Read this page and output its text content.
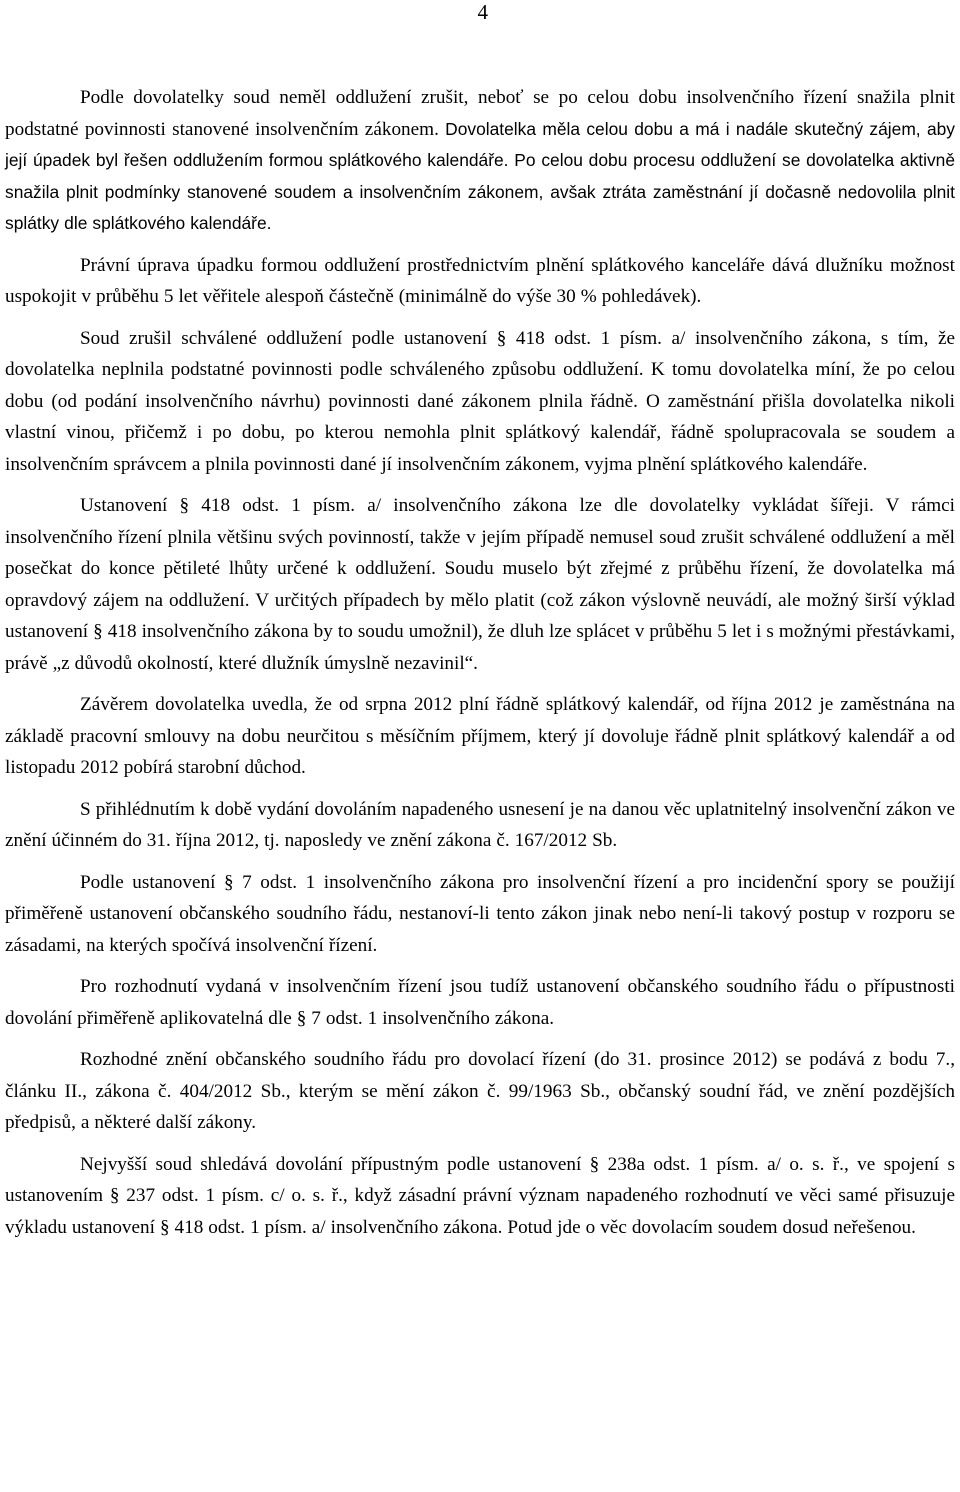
4

Podle dovolatelky soud neměl oddlužení zrušit, neboť se po celou dobu insolvenčního řízení snažila plnit podstatné povinnosti stanovené insolvenčním zákonem. Dovolatelka měla celou dobu a má i nadále skutečný zájem, aby její úpadek byl řešen oddlužením formou splátkového kalendáře. Po celou dobu procesu oddlužení se dovolatelka aktivně snažila plnit podmínky stanovené soudem a insolvenčním zákonem, avšak ztráta zaměstnání jí dočasně nedovolila plnit splátky dle splátkového kalendáře.

Právní úprava úpadku formou oddlužení prostřednictvím plnění splátkového kanceláře dává dlužníku možnost uspokojit v průběhu 5 let věřitele alespoň částečně (minimálně do výše 30 % pohledávek).

Soud zrušil schválené oddlužení podle ustanovení § 418 odst. 1 písm. a/ insolvenčního zákona, s tím, že dovolatelka neplnila podstatné povinnosti podle schváleného způsobu oddlužení. K tomu dovolatelka míní, že po celou dobu (od podání insolvenčního návrhu) povinnosti dané zákonem plnila řádně. O zaměstnání přišla dovolatelka nikoli vlastní vinou, přičemž i po dobu, po kterou nemohla plnit splátkový kalendář, řádně spolupracovala se soudem a insolvenčním správcem a plnila povinnosti dané jí insolvenčním zákonem, vyjma plnění splátkového kalendáře.

Ustanovení § 418 odst. 1 písm. a/ insolvenčního zákona lze dle dovolatelky vykládat šířeji. V rámci insolvenčního řízení plnila většinu svých povinností, takže v jejím případě nemusel soud zrušit schválené oddlužení a měl posečkat do konce pětileté lhůty určené k oddlužení. Soudu muselo být zřejmé z průběhu řízení, že dovolatelka má opravdový zájem na oddlužení. V určitých případech by mělo platit (což zákon výslovně neuvádí, ale možný širší výklad ustanovení § 418 insolvenčního zákona by to soudu umožnil), že dluh lze splácet v průběhu 5 let i s možnými přestávkami, právě „z důvodů okolností, které dlužník úmyslně nezavinil“.

Závěrem dovolatelka uvedla, že od srpna 2012 plní řádně splátkový kalendář, od října 2012 je zaměstnána na základě pracovní smlouvy na dobu neurčitou s měsíčním příjmem, který jí dovoluje řádně plnit splátkový kalendář a od listopadu 2012 pobírá starobní důchod.

S přihlédnutím k době vydání dovoláním napadeného usnesení je na danou věc uplatnitelný insolvenční zákon ve znění účinném do 31. října 2012, tj. naposledy ve znění zákona č. 167/2012 Sb.

Podle ustanovení § 7 odst. 1 insolvenčního zákona pro insolvenční řízení a pro incidenční spory se použijí přiměřeně ustanovení občanského soudního řádu, nestanoví-li tento zákon jinak nebo není-li takový postup v rozporu se zásadami, na kterých spočívá insolvenční řízení.

Pro rozhodnutí vydaná v insolvenčním řízení jsou tudíž ustanovení občanského soudního řádu o přípustnosti dovolání přiměřeně aplikovatelná dle § 7 odst. 1 insolvenčního zákona.

Rozhodné znění občanského soudního řádu pro dovolací řízení (do 31. prosince 2012) se podává z bodu 7., článku II., zákona č. 404/2012 Sb., kterým se mění zákon č. 99/1963 Sb., občanský soudní řád, ve znění pozdějších předpisů, a některé další zákony.

Nejvyšší soud shledává dovolání přípustným podle ustanovení § 238a odst. 1 písm. a/ o. s. ř., ve spojení s ustanovením § 237 odst. 1 písm. c/ o. s. ř., když zásadní právní význam napadeného rozhodnutí ve věci samé přisuzuje výkladu ustanovení § 418 odst. 1 písm. a/ insolvenčního zákona. Potud jde o věc dovolacím soudem dosud neřešenou.
